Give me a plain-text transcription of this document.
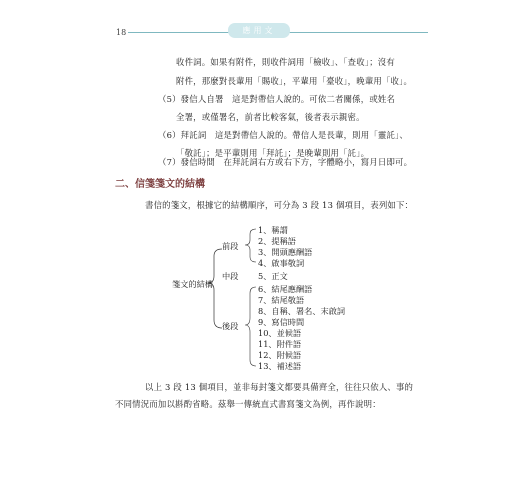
18	應用文
收件詞。如果有附件，則收件詞用「檢收」、「查收」；沒有
附件，那麼對長輩用「賜收」，平輩用「臺收」，晚輩用「收」。
（5）發信人自署　這是對帶信人說的。可依二者關係，或姓名
全署，或僅署名，前者比較客氣，後者表示親密。
（6）拜託詞　這是對帶信人說的。帶信人是長輩，則用「靈託」、
「敬託」；是平輩則用「拜託」；是晚輩則用「託」。
（7）發信時間　在拜託詞右方或右下方，字體略小，寫月日即可。
二、信箋箋文的結構
書信的箋文，根據它的結構順序，可分為 3 段 13 個項目，表列如下：
箋文的結構
前段
中段
後段
1、稱謂
2、提稱語
3、開頭應酬語
4、啟事敬詞
5、正文
6、結尾應酬語
7、結尾敬語
8、自稱、署名、末啟詞
9、寫信時間
10、並候語
11、附件語
12、附候語
13、補述語
以上 3 段 13 個項目，並非每封箋文都要具備齊全，往往只依人、事的
不同情況而加以斟酌省略。茲舉一傳統直式書寫箋文為例，再作說明：
